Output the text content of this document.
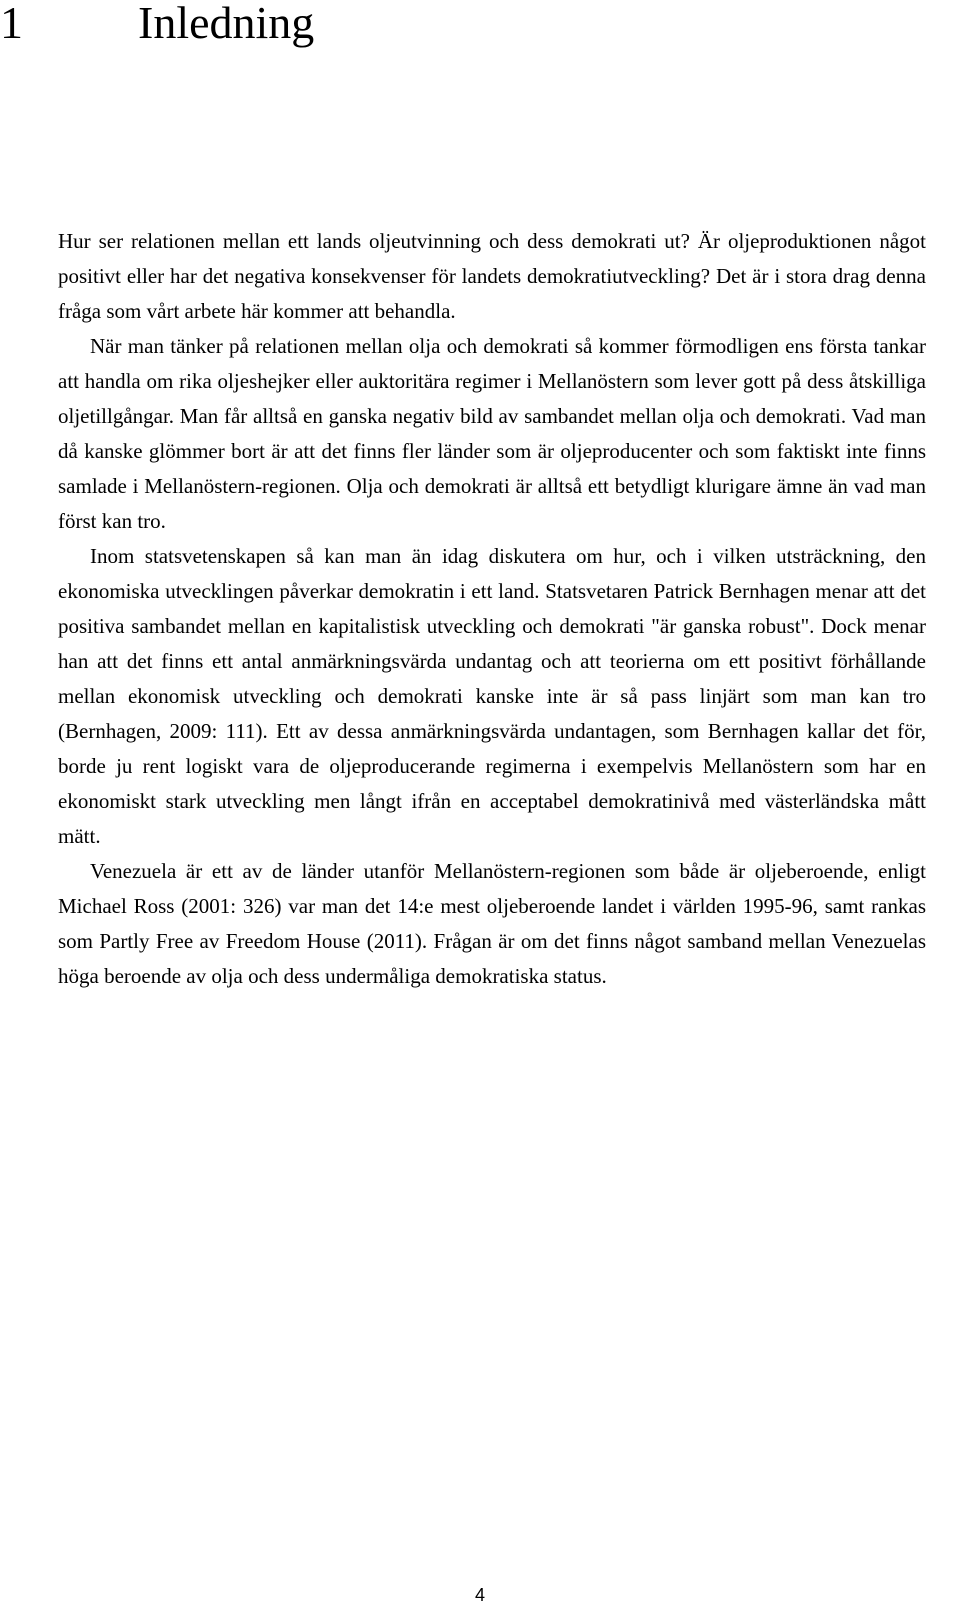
1	Inledning

Hur ser relationen mellan ett lands oljeutvinning och dess demokrati ut? Är oljeproduktionen något positivt eller har det negativa konsekvenser för landets demokratiutveckling? Det är i stora drag denna fråga som vårt arbete här kommer att behandla.

När man tänker på relationen mellan olja och demokrati så kommer förmodligen ens första tankar att handla om rika oljeshejker eller auktoritära regimer i Mellanöstern som lever gott på dess åtskilliga oljetillgångar. Man får alltså en ganska negativ bild av sambandet mellan olja och demokrati. Vad man då kanske glömmer bort är att det finns fler länder som är oljeproducenter och som faktiskt inte finns samlade i Mellanöstern-regionen. Olja och demokrati är alltså ett betydligt klurigare ämne än vad man först kan tro.

Inom statsvetenskapen så kan man än idag diskutera om hur, och i vilken utsträckning, den ekonomiska utvecklingen påverkar demokratin i ett land. Statsvetaren Patrick Bernhagen menar att det positiva sambandet mellan en kapitalistisk utveckling och demokrati "är ganska robust". Dock menar han att det finns ett antal anmärkningsvärda undantag och att teorierna om ett positivt förhållande mellan ekonomisk utveckling och demokrati kanske inte är så pass linjärt som man kan tro (Bernhagen, 2009: 111). Ett av dessa anmärkningsvärda undantagen, som Bernhagen kallar det för, borde ju rent logiskt vara de oljeproducerande regimerna i exempelvis Mellanöstern som har en ekonomiskt stark utveckling men långt ifrån en acceptabel demokratinivå med västerländska mått mätt.

Venezuela är ett av de länder utanför Mellanöstern-regionen som både är oljeberoende, enligt Michael Ross (2001: 326) var man det 14:e mest oljeberoende landet i världen 1995-96, samt rankas som Partly Free av Freedom House (2011). Frågan är om det finns något samband mellan Venezuelas höga beroende av olja och dess undermåliga demokratiska status.

4
